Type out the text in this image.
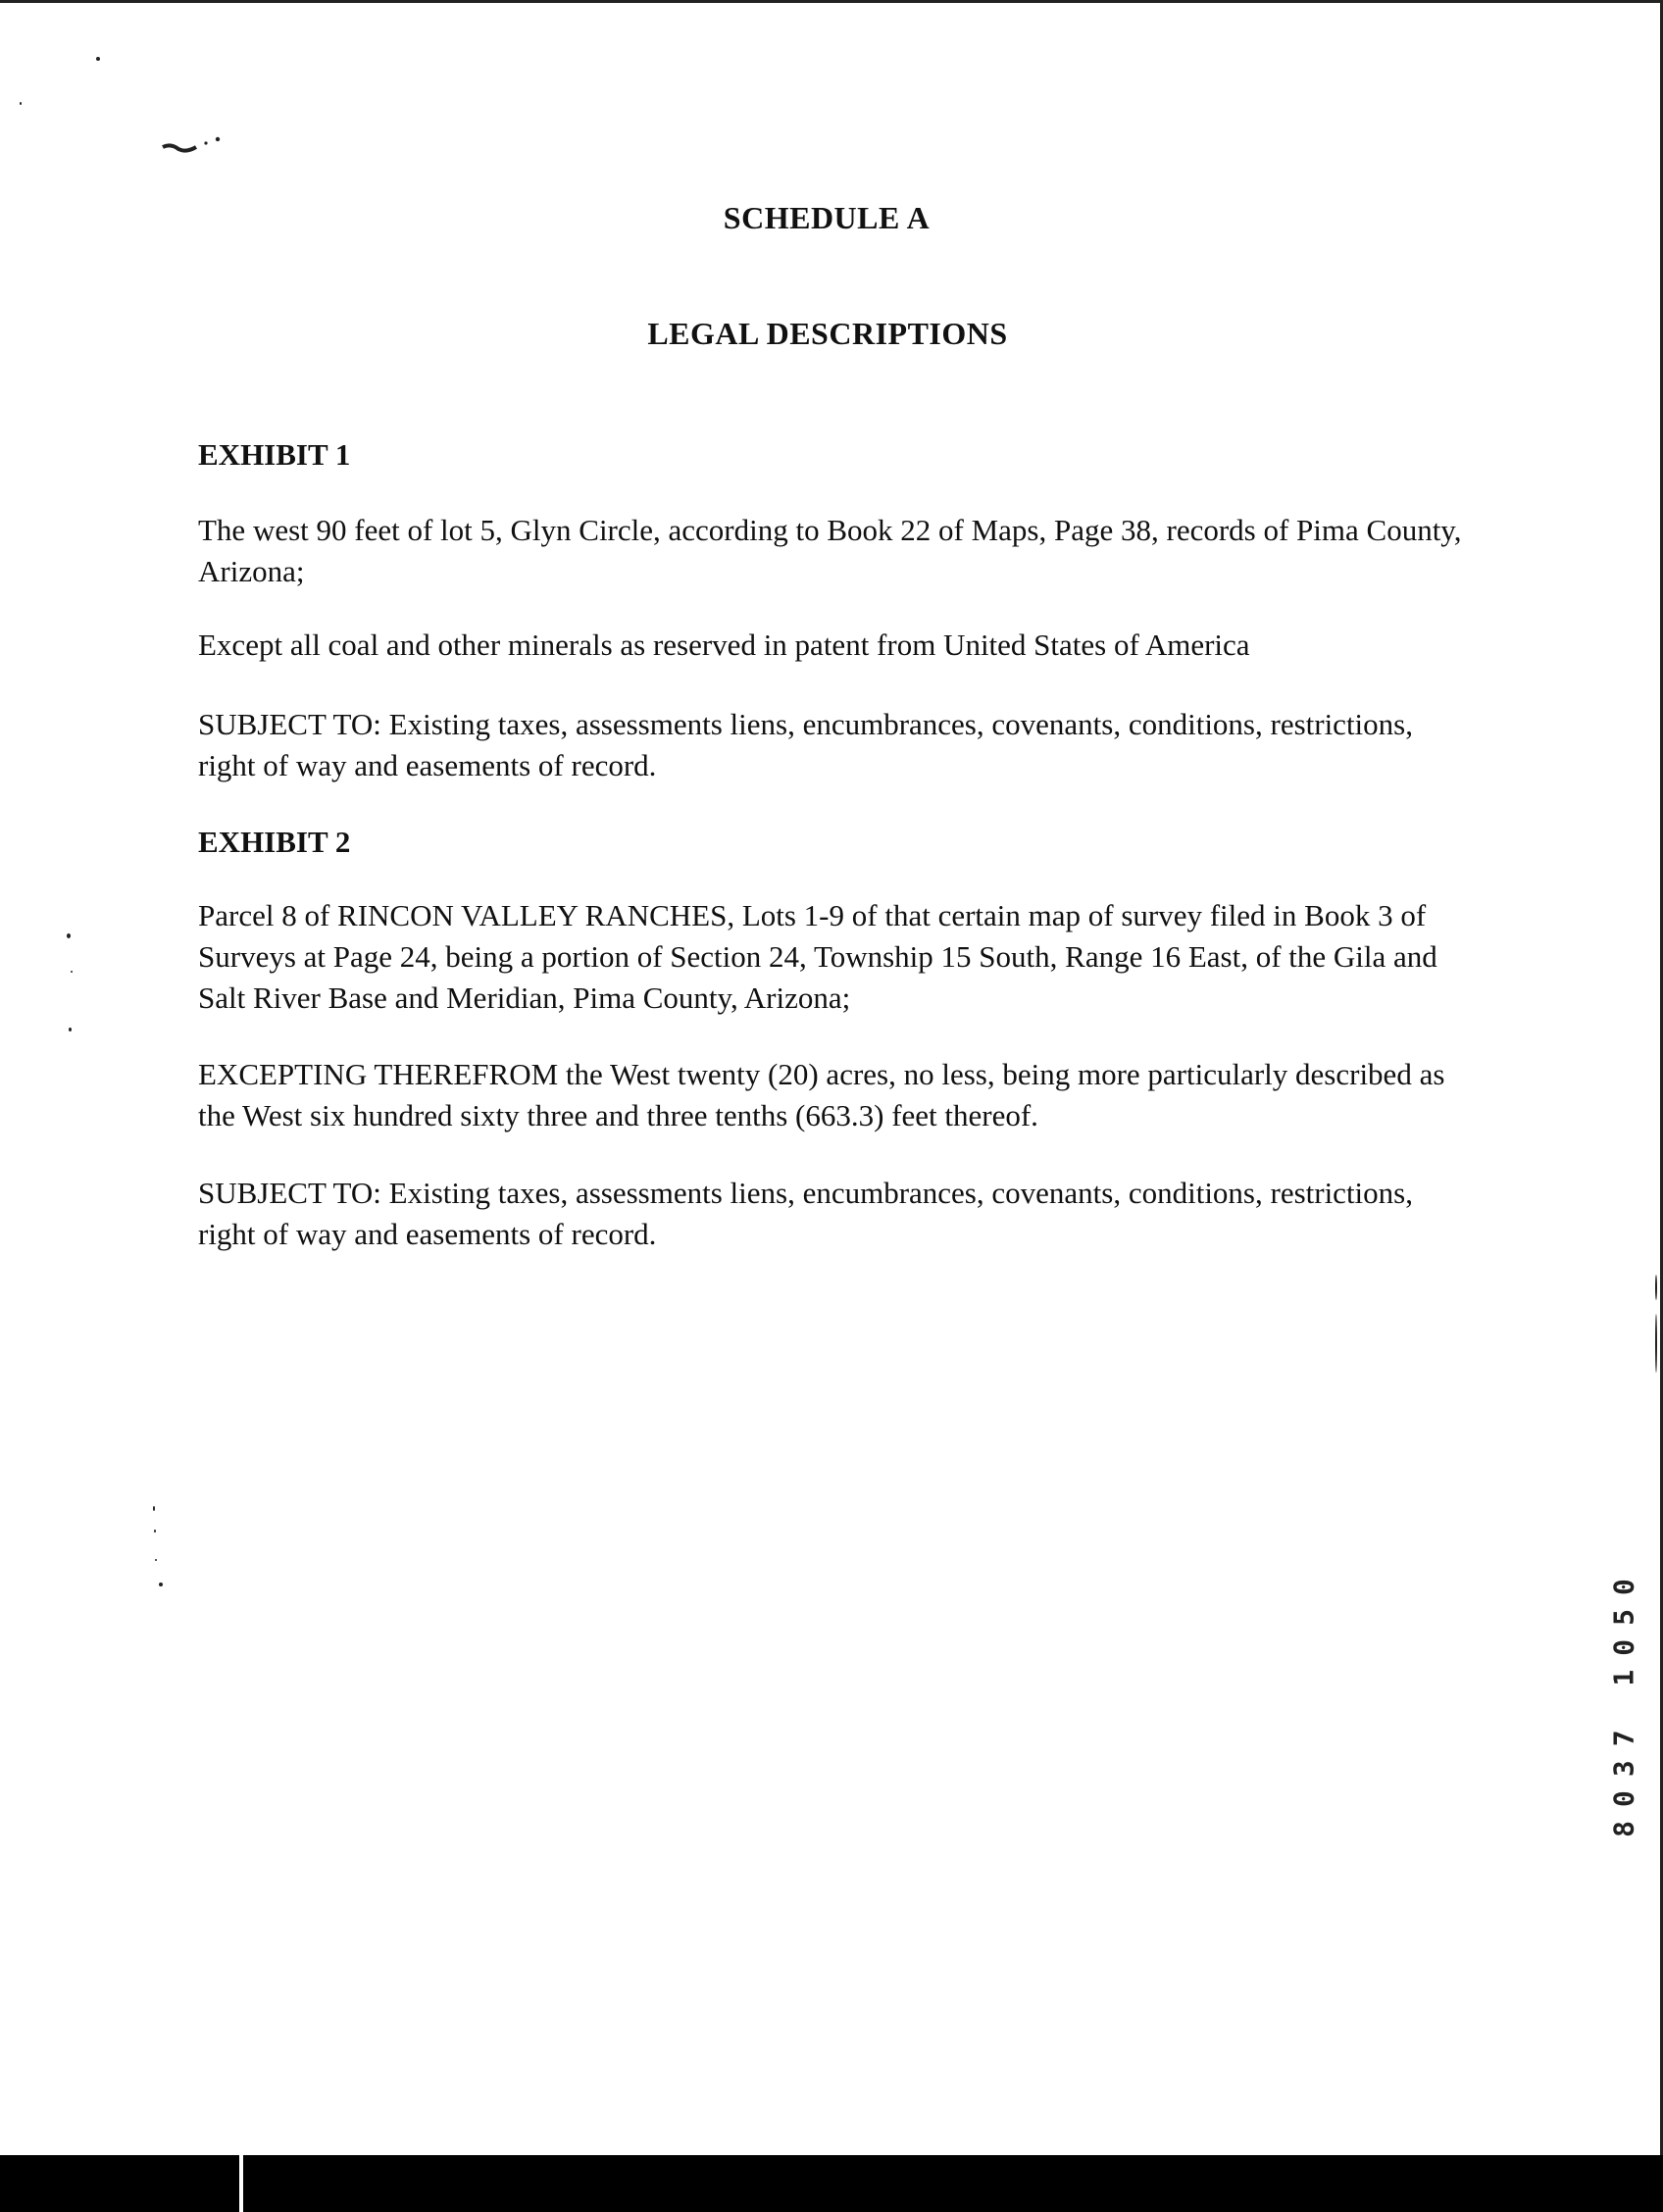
SCHEDULE A
LEGAL DESCRIPTIONS
EXHIBIT 1

The west 90 feet of lot 5, Glyn Circle, according to Book 22 of Maps, Page 38, records of Pima County, Arizona;

Except all coal and other minerals as reserved in patent from United States of America

SUBJECT TO: Existing taxes, assessments liens, encumbrances, covenants, conditions, restrictions, right of way and easements of record.

EXHIBIT 2

Parcel 8 of RINCON VALLEY RANCHES, Lots 1-9 of that certain map of survey filed in Book 3 of Surveys at Page 24, being a portion of Section 24, Township 15 South, Range 16 East, of the Gila and Salt River Base and Meridian, Pima County, Arizona;

EXCEPTING THEREFROM the West twenty (20) acres, no less, being more particularly described as the West six hundred sixty three and three tenths (663.3) feet thereof.

SUBJECT TO: Existing taxes, assessments liens, encumbrances, covenants, conditions, restrictions, right of way and easements of record.

8037 1050
